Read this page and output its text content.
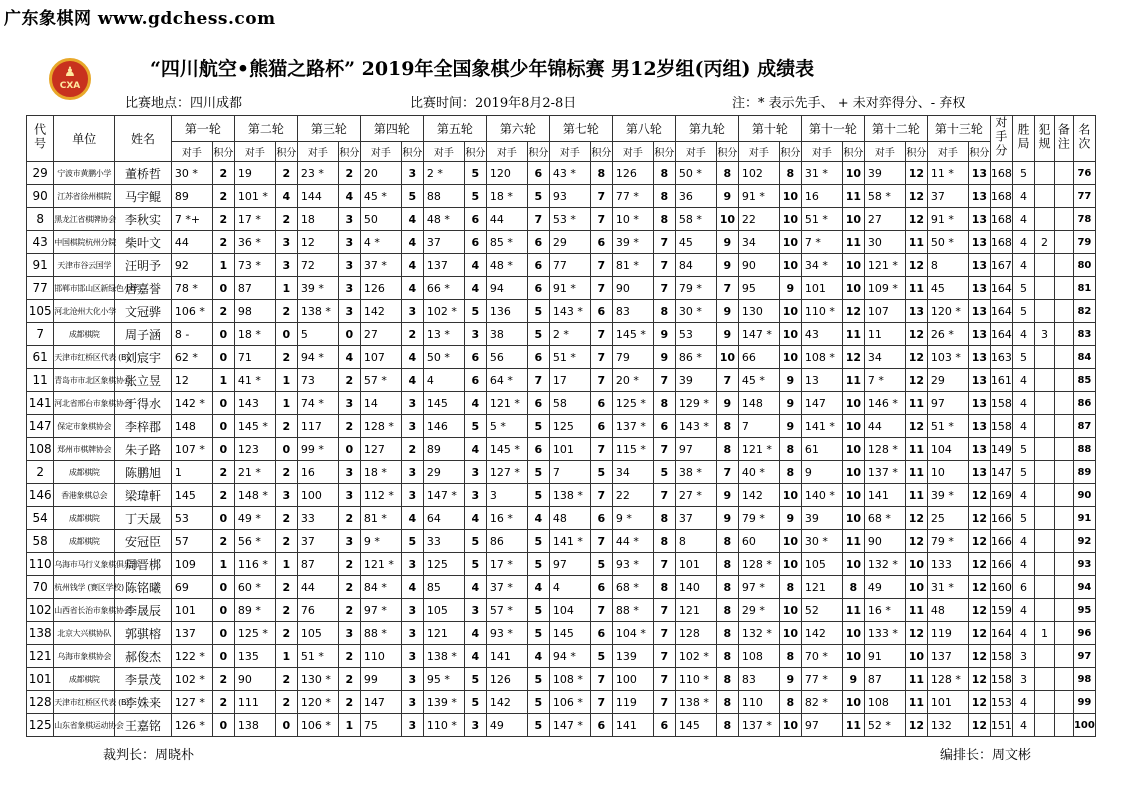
广东象棋网 www.gdchess.com
♟
CXA
“四川航空•熊猫之路杯” 2019年全国象棋少年锦标赛 男12岁组(丙组) 成绩表
比赛地点：四川成都	比赛时间：2019年8月2-8日	注：* 表示先手、 + 未对弈得分、- 弃权
代号	单位	姓名	第一轮		第二轮		第三轮		第四轮		第五轮		第六轮		第七轮		第八轮		第九轮		第十轮		第十一轮		第十二轮		第十三轮		对手分	胜局	犯规	备注	名次
			对手	积分	对手	积分	对手	积分	对手	积分	对手	积分	对手	积分	对手	积分	对手	积分	对手	积分	对手	积分	对手	积分	对手	积分	对手	积分					
29	宁波市黄鹏小学	董桥哲	30 *	2	19	2	23 *	2	20	3	2 *	5	120	6	43 *	8	126	8	50 *	8	102	8	31 *	10	39	12	11 *	13	168	5			76
90	江苏省徐州棋院	马宇鲲	89	2	101 *	4	144	4	45 *	5	88	5	18 *	5	93	7	77 *	8	36	9	91 *	10	16	11	58 *	12	37	13	168	4			77
8	黑龙江省棋牌协会	李秋实	7 *+	2	17 *	2	18	3	50	4	48 *	6	44	7	53 *	7	10 *	8	58 *	10	22	10	51 *	10	27	12	91 *	13	168	4			78
43	中国棋院杭州分院	柴叶文	44	2	36 *	3	12	3	4 *	4	37	6	85 *	6	29	6	39 *	7	45	9	34	10	7 *	11	30	11	50 *	13	168	4	2		79
91	天津市谷云国学	汪明予	92	1	73 *	3	72	3	37 *	4	137	4	48 *	6	77	7	81 *	7	84	9	90	10	34 *	10	121 *	12	8	13	167	4			80
77	邯郸市邯山区新绿色小学	唐嘉誉	78 *	0	87	1	39 *	3	126	4	66 *	4	94	6	91 *	7	90	7	79 *	7	95	9	101	10	109 *	11	45	13	164	5			81
105	河北沧州大化小学	文冠骅	106 *	2	98	2	138 *	3	142	3	102 *	5	136	5	143 *	6	83	8	30 *	9	130	10	110 *	12	107	13	120 *	13	164	5			82
7	成都棋院	周子涵	8 -	0	18 *	0	5	0	27	2	13 *	3	38	5	2 *	7	145 *	9	53	9	147 *	10	43	11	11	12	26 *	13	164	4	3		83
61	天津市红桥区代表 (B)	刘宸宇	62 *	0	71	2	94 *	4	107	4	50 *	6	56	6	51 *	7	79	9	86 *	10	66	10	108 *	12	34	12	103 *	13	163	5			84
11	青岛市市北区象棋协会	张立昱	12	1	41 *	1	73	2	57 *	4	4	6	64 *	7	17	7	20 *	7	39	7	45 *	9	13	11	7 *	12	29	13	161	4			85
141	河北省邢台市象棋协会	于得水	142 *	0	143	1	74 *	3	14	3	145	4	121 *	6	58	6	125 *	8	129 *	9	148	9	147	10	146 *	11	97	13	158	4			86
147	保定市象棋协会	李梓郡	148	0	145 *	2	117	2	128 *	3	146	5	5 *	5	125	6	137 *	6	143 *	8	7	9	141 *	10	44	12	51 *	13	158	4			87
108	郑州市棋牌协会	朱子路	107 *	0	123	0	99 *	0	127	2	89	4	145 *	6	101	7	115 *	7	97	8	121 *	8	61	10	128 *	11	104	13	149	5			88
2	成都棋院	陈鹏旭	1	2	21 *	2	16	3	18 *	3	29	3	127 *	5	7	5	34	5	38 *	7	40 *	8	9	10	137 *	11	10	13	147	5			89
146	香港象棋总会	梁瑋軒	145	2	148 *	3	100	3	112 *	3	147 *	3	3	5	138 *	7	22	7	27 *	9	142	10	140 *	10	141	11	39 *	12	169	4			90
54	成都棋院	丁天晟	53	0	49 *	2	33	2	81 *	4	64	4	16 *	4	48	6	9 *	8	37	9	79 *	9	39	10	68 *	12	25	12	166	5			91
58	成都棋院	安冠臣	57	2	56 *	2	37	3	9 *	5	33	5	86	5	141 *	7	44 *	8	8	8	60	10	30 *	11	90	12	79 *	12	166	4			92
110	乌海市马行义象棋俱乐部	周晋梆	109	1	116 *	1	87	2	121 *	3	125	5	17 *	5	97	5	93 *	7	101	8	128 *	10	105	10	132 *	10	133	12	166	4			93
70	杭州钱学 (赛区学校)	陈铭曦	69	0	60 *	2	44	2	84 *	4	85	4	37 *	4	4	6	68 *	8	140	8	97 *	8	121	8	49	10	31 *	12	160	6			94
102	山西省长治市象棋协会	李晟辰	101	0	89 *	2	76	2	97 *	3	105	3	57 *	5	104	7	88 *	7	121	8	29 *	10	52	11	16 *	11	48	12	159	4			95
138	北京大兴棋协队	郭骐榕	137	0	125 *	2	105	3	88 *	3	121	4	93 *	5	145	6	104 *	7	128	8	132 *	10	142	10	133 *	12	119	12	164	4	1		96
121	乌海市象棋协会	郝俊杰	122 *	0	135	1	51 *	2	110	3	138 *	4	141	4	94 *	5	139	7	102 *	8	108	8	70 *	10	91	10	137	12	158	3			97
101	成都棋院	李景茂	102 *	2	90	2	130 *	2	99	3	95 *	5	126	5	108 *	7	100	7	110 *	8	83	9	77 *	9	87	11	128 *	12	158	3			98
128	天津市红桥区代表 (B)	李姝来	127 *	2	111	2	120 *	2	147	3	139 *	5	142	5	106 *	7	119	7	138 *	8	110	8	82 *	10	108	11	101	12	153	4			99
125	山东省象棋运动协会	王嘉铭	126 *	0	138	0	106 *	1	75	3	110 *	3	49	5	147 *	6	141	6	145	8	137 *	10	97	11	52 *	12	132	12	151	4			100
裁判长：周晓朴	编排长：周文彬
